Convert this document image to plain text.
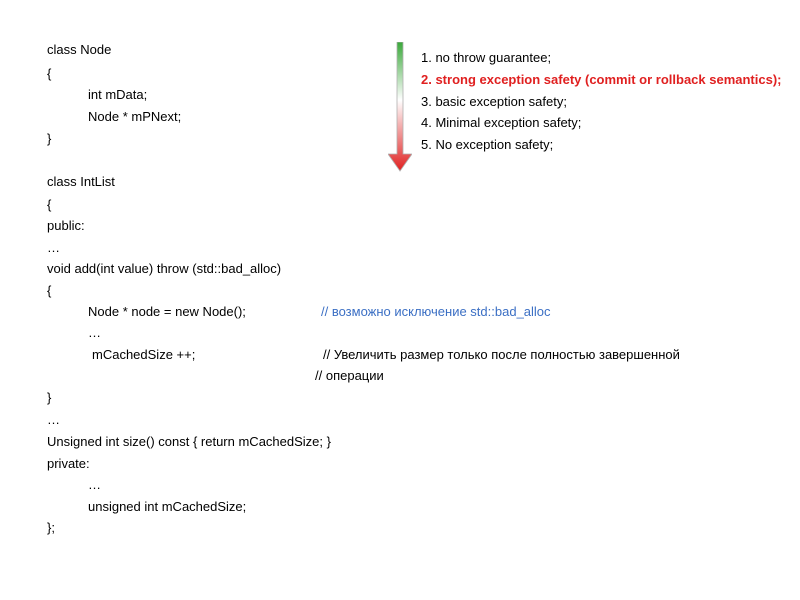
class Node
{
int mData;
Node * mPNext;
}
class IntList
{
public:
…
void add(int value) throw (std::bad_alloc)
{
Node * node = new Node();
…
mCachedSize ++;
}
…
Unsigned int size() const { return mCachedSize; }
private:
…
unsigned int mCachedSize;
};
// возможно исключение std::bad_alloc
// Увеличить размер только после полностью завершенной
// операции
1. no throw guarantee;
2. strong exception safety (commit or rollback semantics);
3. basic exception safety;
4. Minimal exception safety;
5. No exception safety;
